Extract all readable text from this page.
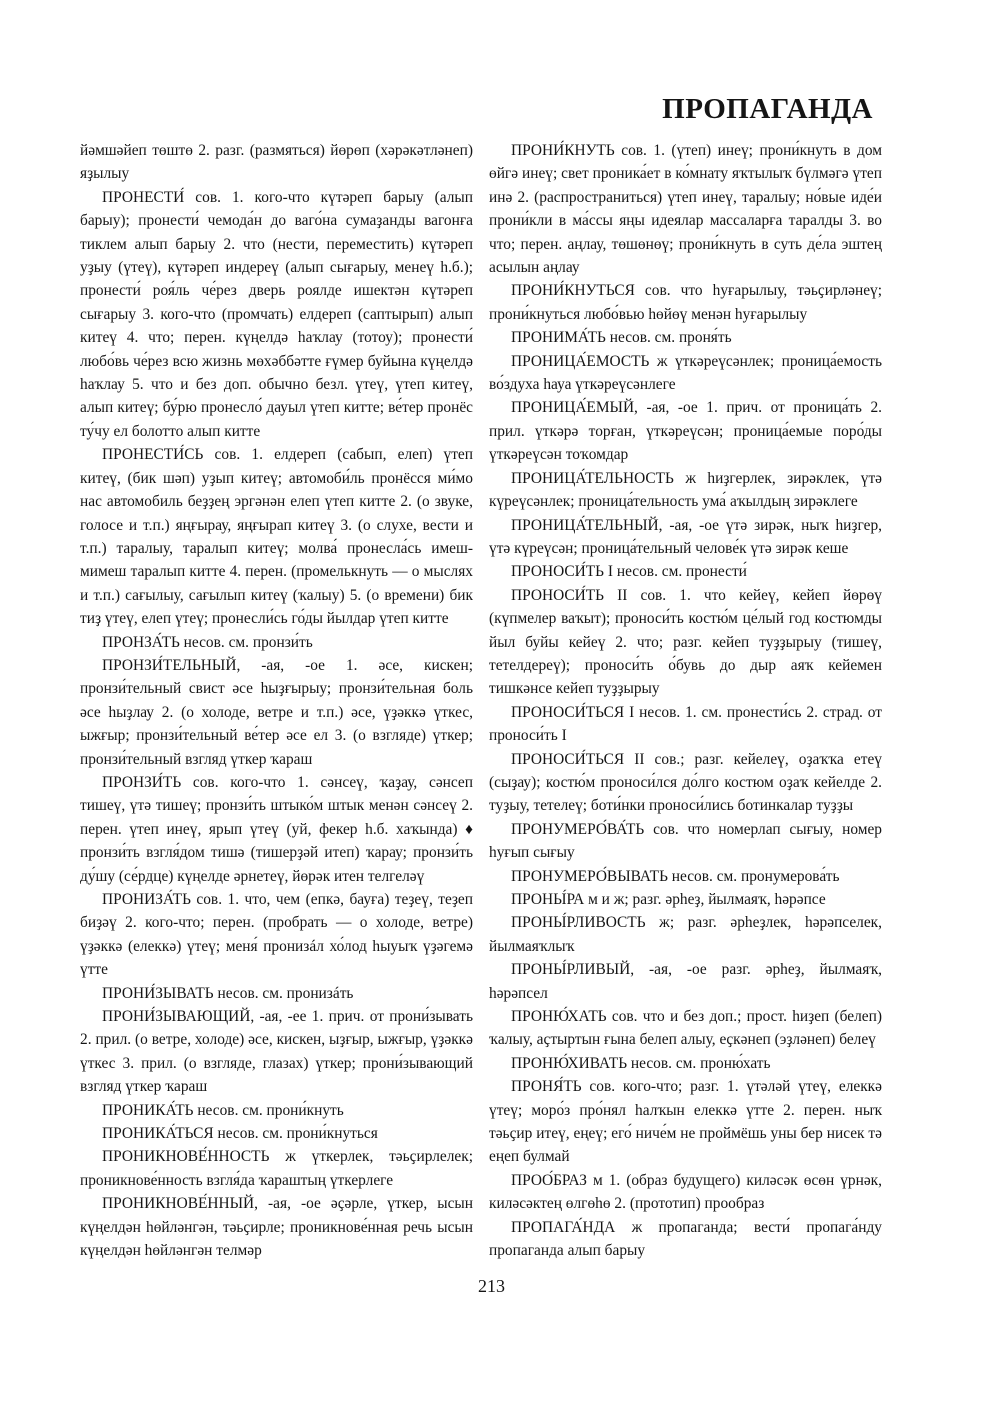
ПРОПАГАНДА

йәмшәйеп төштө 2. разг. (размяться) йөрөп (хәрәкәтләнеп) яҙылыу

ПРОНЕСТИ́ сов. 1. кого-что күтәреп барыу (алып барыу); пронести́ чемода́н до ваго́на сумаҙанды вагонға тиклем алып барыу 2. что (нести, переместить) күтәреп уҙыу (үтеү), күтәреп индереү (алып сығарыу, менеү һ.б.); пронести́ роя́ль че́рез дверь роялде ишектән күтәреп сығарыу 3. кого-что (промчать) елдереп (саптырып) алып китеү 4. что; перен. күңелдә һаҡлау (тотоу); пронести́ любо́вь че́рез всю жизнь мөхәббәтте ғүмер буйына күңелдә һаҡлау 5. что и без доп. обычно безл. үтеү, үтеп китеү, алып китеү; бу́рю пронесло́ дауыл үтеп китте; ве́тер пронёс ту́чу ел болотто алып китте

ПРОНЕСТИ́СЬ сов. 1. елдереп (сабып, елеп) үтеп китеү, (бик шәп) уҙып китеү; автомоби́ль пронёсся ми́мо нас автомобиль беҙҙең эргәнән елеп үтеп китте 2. (о звуке, голосе и т.п.) яңғырау, яңғырап китеү 3. (о слухе, вести и т.п.) таралыу, таралып китеү; молва́ пронесла́сь имеш-мимеш таралып китте 4. перен. (промелькнуть — о мыслях и т.п.) сағылыу, сағылып китеү (ҡалыу) 5. (о времени) бик тиҙ үтеү, елеп үтеү; пронесли́сь го́ды йылдар үтеп китте

ПРОНЗА́ТЬ несов. см. пронзи́ть

ПРОНЗИ́ТЕЛЬНЫЙ, -ая, -ое 1. әсе, кискен; пронзи́тельный свист әсе һыҙғырыу; пронзи́тельная боль әсе һыҙлау 2. (о холоде, ветре и т.п.) әсе, үҙәккә үткес, ыжғыр; пронзи́тельный ве́тер әсе ел 3. (о взгляде) үткер; пронзи́тельный взгляд үткер ҡараш

ПРОНЗИ́ТЬ сов. кого-что 1. сәнсеү, ҡаҙау, сәнсеп тишеү, үтә тишеү; пронзи́ть штыко́м штык менән сәнсеү 2. перен. үтеп инеү, ярып үтеү (уй, фекер һ.б. хаҡында) ♦ пронзи́ть взгля́дом тишә (тишерҙәй итеп) ҡарау; пронзи́ть ду́шу (се́рдце) күңелде әрнетеү, йөрәк итен телгеләү

ПРОНИЗА́ТЬ сов. 1. что, чем (епкә, бауға) теҙеү, теҙеп биҙәү 2. кого-что; перен. (пробрать — о холоде, ветре) үҙәккә (елеккә) үтеү; меня́ пронизáл хо́лод һыуыҡ үҙәгемә үтте

ПРОНИ́ЗЫВАТЬ несов. см. пронизáть

ПРОНИ́ЗЫВАЮЩИЙ, -ая, -ее 1. прич. от прони́зывать 2. прил. (о ветре, холоде) әсе, кискен, ыҙғыр, ыжғыр, үҙәккә үткес 3. прил. (о взгляде, глазах) үткер; прони́зывающий взгляд үткер ҡараш

ПРОНИКА́ТЬ несов. см. прони́кнуть

ПРОНИКА́ТЬСЯ несов. см. прони́кнуться

ПРОНИКНОВЕ́ННОСТЬ ж үткерлек, тәьҫирлелек; проникнове́нность взгля́да ҡараштың үткерлеге

ПРОНИКНОВЕ́ННЫЙ, -ая, -ое әҫәрле, үткер, ысын күңелдән һөйләнгән, тәьҫирле; проникнове́нная речь ысын күңелдән һөйләнгән телмәр

ПРОНИ́КНУТЬ сов. 1. (үтеп) инеү; прони́кнуть в дом өйгә инеү; свет проника́ет в ко́мнату яҡтылыҡ бүлмәгә үтеп инә 2. (распространиться) үтеп инеү, таралыу; но́вые иде́и прони́кли в ма́ссы яңы идеялар массаларға таралды 3. во что; перен. аңлау, төшөнөү; прони́кнуть в суть де́ла эштең асылын аңлау

ПРОНИ́КНУТЬСЯ сов. что һуғарылыу, тәьҫирләнеү; прони́кнуться любо́вью һөйөү менән һуғарылыу

ПРОНИМА́ТЬ несов. см. проня́ть

ПРОНИЦА́ЕМОСТЬ ж үткәреүсәнлек; проница́емость во́здуха һауа үткәреүсәнлеге

ПРОНИЦА́ЕМЫЙ, -ая, -ое 1. прич. от проница́ть 2. прил. үткәрә торған, үткәреүсән; проница́емые поро́ды үткәреүсән тоҡомдар

ПРОНИЦА́ТЕЛЬНОСТЬ ж һиҙгерлек, зирәклек, үтә күреүсәнлек; проница́тельность ума́ аҡылдың зирәклеге

ПРОНИЦА́ТЕЛЬНЫЙ, -ая, -ое үтә зирәк, ныҡ һиҙгер, үтә күреүсән; проница́тельный челове́к үтә зирәк кеше

ПРОНОСИ́ТЬ I несов. см. пронести́

ПРОНОСИ́ТЬ II сов. 1. что кейеү, кейеп йөрөү (күпмелер ваҡыт); проноси́ть костю́м це́лый год костюмды йыл буйы кейеү 2. что; разг. кейеп туҙҙырыу (тишеү, тетелдереү); проноси́ть о́бувь до дыр аяҡ кейемен тишкәнсе кейеп туҙҙырыу

ПРОНОСИ́ТЬСЯ I несов. 1. см. пронести́сь 2. страд. от проноси́ть I

ПРОНОСИ́ТЬСЯ II сов.; разг. кейелеү, оҙаҡҡа етеү (сыҙау); костю́м проноси́лся до́лго костюм оҙаҡ кейелде 2. туҙыу, тетелеү; боти́нки проноси́лись ботинкалар туҙҙы

ПРОНУМЕРО́ВА́ТЬ сов. что номерлап сығыу, номер һуғып сығыу

ПРОНУМЕРО́ВЫВАТЬ несов. см. пронумерова́ть

ПРОНЫ́РА м и ж; разг. әрһеҙ, йылмаяҡ, һәрәпсе

ПРОНЫ́РЛИВОСТЬ ж; разг. әрһеҙлек, һәрәпселек, йылмаяҡлыҡ

ПРОНЫ́РЛИВЫЙ, -ая, -ое разг. әрһеҙ, йылмаяҡ, һәрәпсел

ПРОНЮ́ХАТЬ сов. что и без доп.; прост. һиҙеп (белеп) ҡалыу, аҫтыртын ғына белеп алыу, еҫкәнеп (эҙләнеп) белеү

ПРОНЮ́ХИВАТЬ несов. см. проню́хать

ПРОНЯ́ТЬ сов. кого-что; разг. 1. үтәләй үтеү, елеккә үтеү; моро́з про́нял һалҡын елеккә үтте 2. перен. ныҡ тәьҫир итеү, еңеү; его́ ниче́м не проймёшь уны бер нисек тә еңеп булмай

ПРОО́БРАЗ м 1. (образ будущего) киләсәк өсөн үрнәк, киләсәктең өлгөһө 2. (прототип) прообраз

ПРОПАГА́НДА ж пропаганда; вести́ пропага́нду пропаганда алып барыу

213
